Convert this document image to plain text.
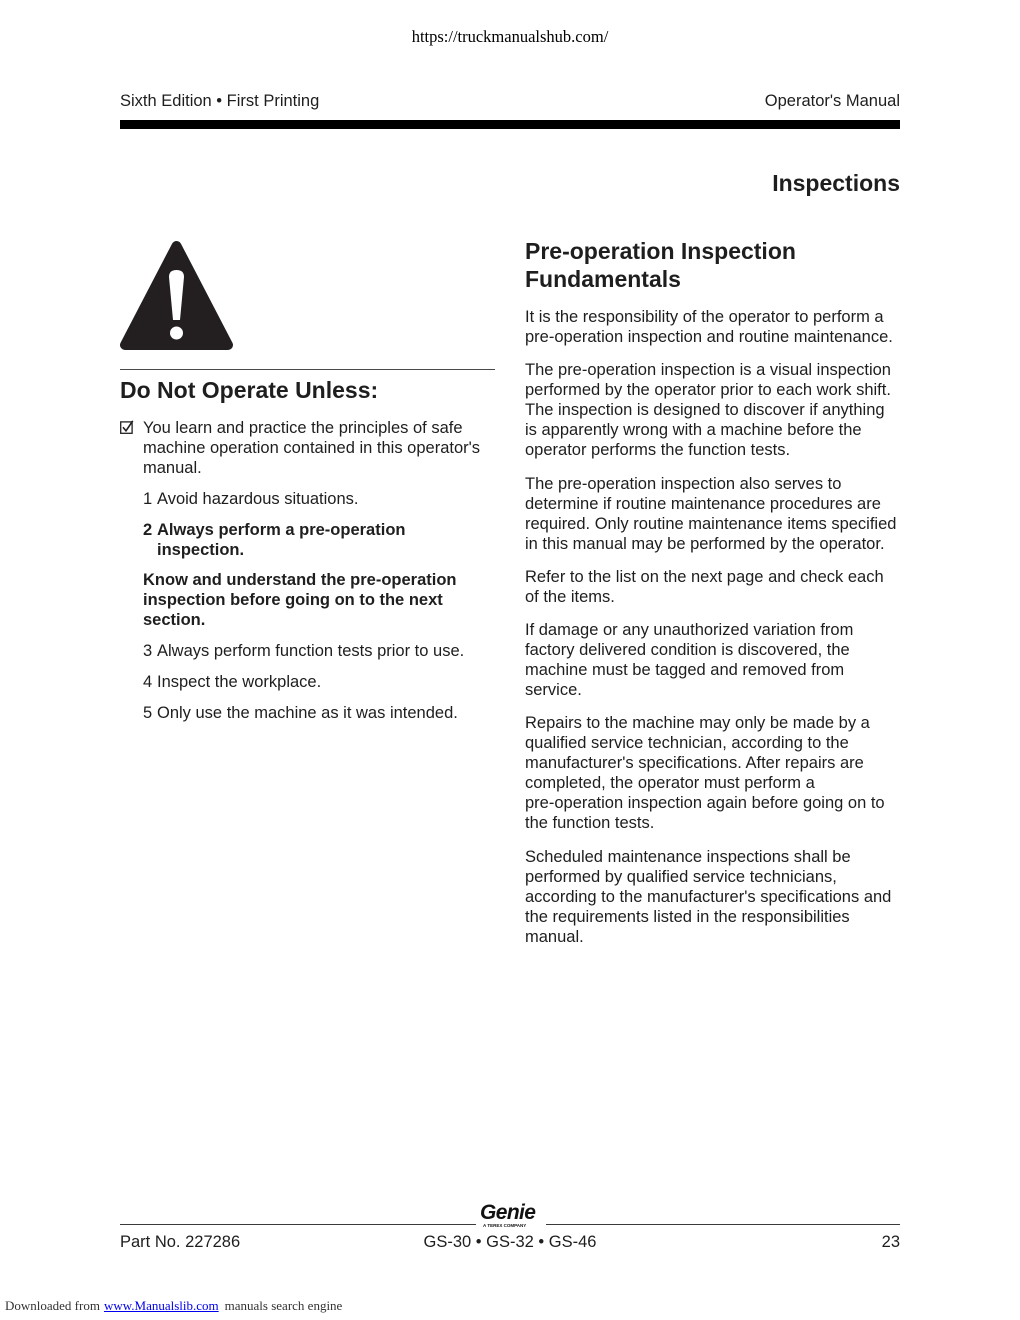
https://truckmanualshub.com/
Sixth Edition • First Printing	Operator's Manual
Inspections
Do Not Operate Unless:
You learn and practice the principles of safe
machine operation contained in this operator's
manual.
1 Avoid hazardous situations.
2 Always perform a pre-operation
inspection.
Know and understand the pre-operation
inspection before going on to the next
section.
3 Always perform function tests prior to use.
4 Inspect the workplace.
5 Only use the machine as it was intended.
Pre-operation Inspection
Fundamentals

It is the responsibility of the operator to perform a
pre-operation inspection and routine maintenance.

The pre-operation inspection is a visual inspection
performed by the operator prior to each work shift.
The inspection is designed to discover if anything
is apparently wrong with a machine before the
operator performs the function tests.

The pre-operation inspection also serves to
determine if routine maintenance procedures are
required. Only routine maintenance items specified
in this manual may be performed by the operator.

Refer to the list on the next page and check each
of the items.

If damage or any unauthorized variation from
factory delivered condition is discovered, the
machine must be tagged and removed from
service.

Repairs to the machine may only be made by a
qualified service technician, according to the
manufacturer's specifications. After repairs are
completed, the operator must perform a
pre-operation inspection again before going on to
the function tests.

Scheduled maintenance inspections shall be
performed by qualified service technicians,
according to the manufacturer's specifications and
the requirements listed in the responsibilities
manual.

Genie
A TEREX COMPANY
Part No. 227286	GS-30 • GS-32 • GS-46	23
Downloaded from www.Manualslib.com manuals search engine
